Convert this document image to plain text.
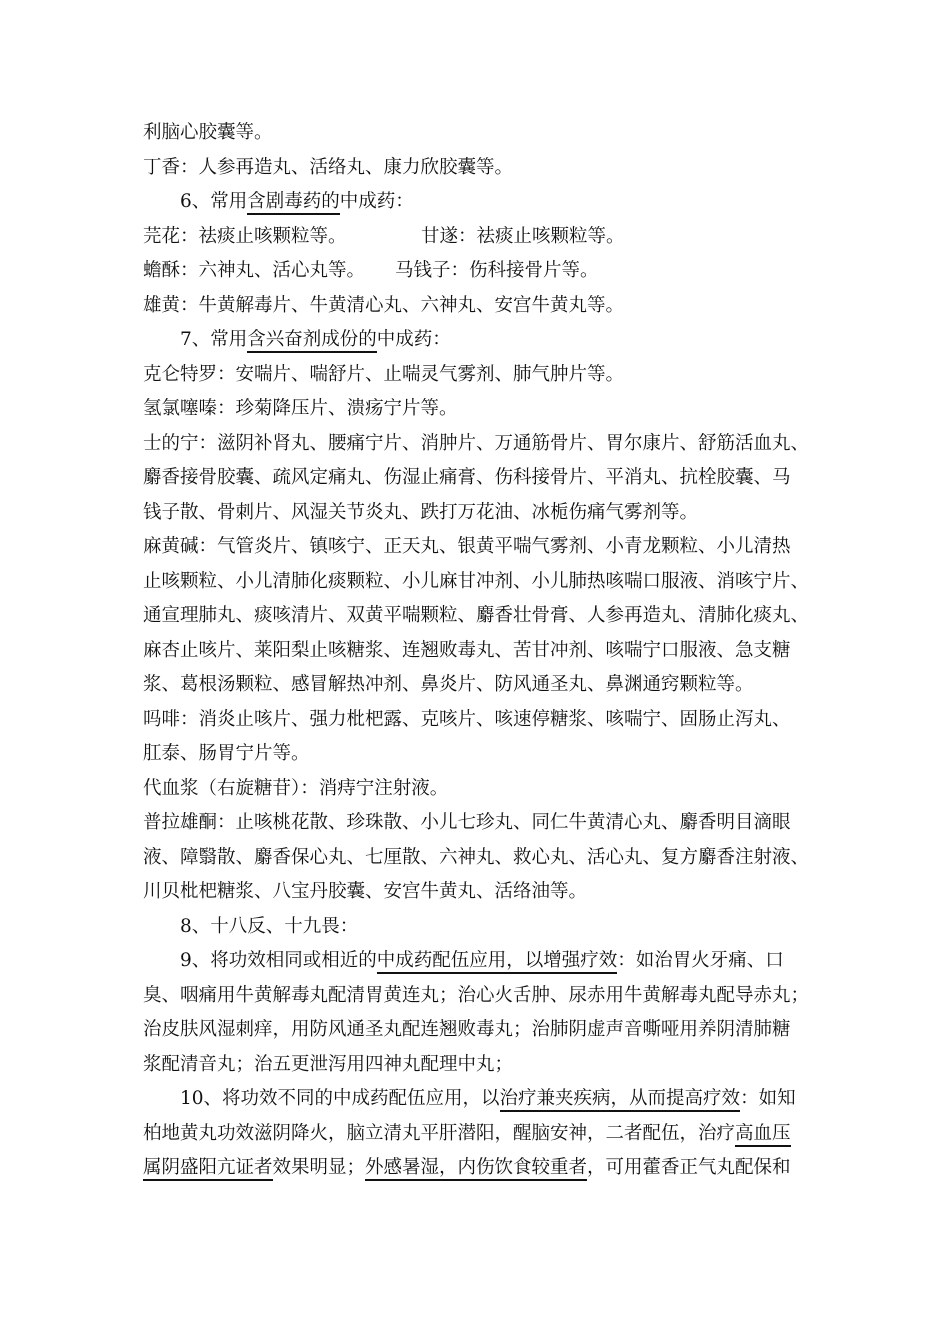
利脑心胶囊等。
丁香：人参再造丸、活络丸、康力欣胶囊等。
6、常用含剧毒药的中成药：
芫花：祛痰止咳颗粒等。	甘遂：祛痰止咳颗粒等。
蟾酥：六神丸、活心丸等。 马钱子：伤科接骨片等。
雄黄：牛黄解毒片、牛黄清心丸、六神丸、安宫牛黄丸等。
7、常用含兴奋剂成份的中成药：
克仑特罗：安喘片、喘舒片、止喘灵气雾剂、肺气肿片等。
氢氯噻嗪：珍菊降压片、溃疡宁片等。
士的宁：滋阴补肾丸、腰痛宁片、消肿片、万通筋骨片、胃尔康片、舒筋活血丸、
麝香接骨胶囊、疏风定痛丸、伤湿止痛膏、伤科接骨片、平消丸、抗栓胶囊、马
钱子散、骨刺片、风湿关节炎丸、跌打万花油、冰栀伤痛气雾剂等。
麻黄碱：气管炎片、镇咳宁、正天丸、银黄平喘气雾剂、小青龙颗粒、小儿清热
止咳颗粒、小儿清肺化痰颗粒、小儿麻甘冲剂、小儿肺热咳喘口服液、消咳宁片、
通宣理肺丸、痰咳清片、双黄平喘颗粒、麝香壮骨膏、人参再造丸、清肺化痰丸、
麻杏止咳片、莱阳梨止咳糖浆、连翘败毒丸、苦甘冲剂、咳喘宁口服液、急支糖
浆、葛根汤颗粒、感冒解热冲剂、鼻炎片、防风通圣丸、鼻渊通窍颗粒等。
吗啡：消炎止咳片、强力枇杷露、克咳片、咳速停糖浆、咳喘宁、固肠止泻丸、
肛泰、肠胃宁片等。
代血浆（右旋糖苷）：消痔宁注射液。
普拉雄酮：止咳桃花散、珍珠散、小儿七珍丸、同仁牛黄清心丸、麝香明目滴眼
液、障翳散、麝香保心丸、七厘散、六神丸、救心丸、活心丸、复方麝香注射液、
川贝枇杷糖浆、八宝丹胶囊、安宫牛黄丸、活络油等。
8、十八反、十九畏：
9、将功效相同或相近的中成药配伍应用，以增强疗效：如治胃火牙痛、口
臭、咽痛用牛黄解毒丸配清胃黄连丸；治心火舌肿、尿赤用牛黄解毒丸配导赤丸；
治皮肤风湿刺痒，用防风通圣丸配连翘败毒丸；治肺阴虚声音嘶哑用养阴清肺糖
浆配清音丸；治五更泄泻用四神丸配理中丸；
10、将功效不同的中成药配伍应用，以治疗兼夹疾病，从而提高疗效：如知
柏地黄丸功效滋阴降火，脑立清丸平肝潜阳，醒脑安神，二者配伍，治疗高血压
属阴盛阳亢证者效果明显；外感暑湿，内伤饮食较重者，可用藿香正气丸配保和
